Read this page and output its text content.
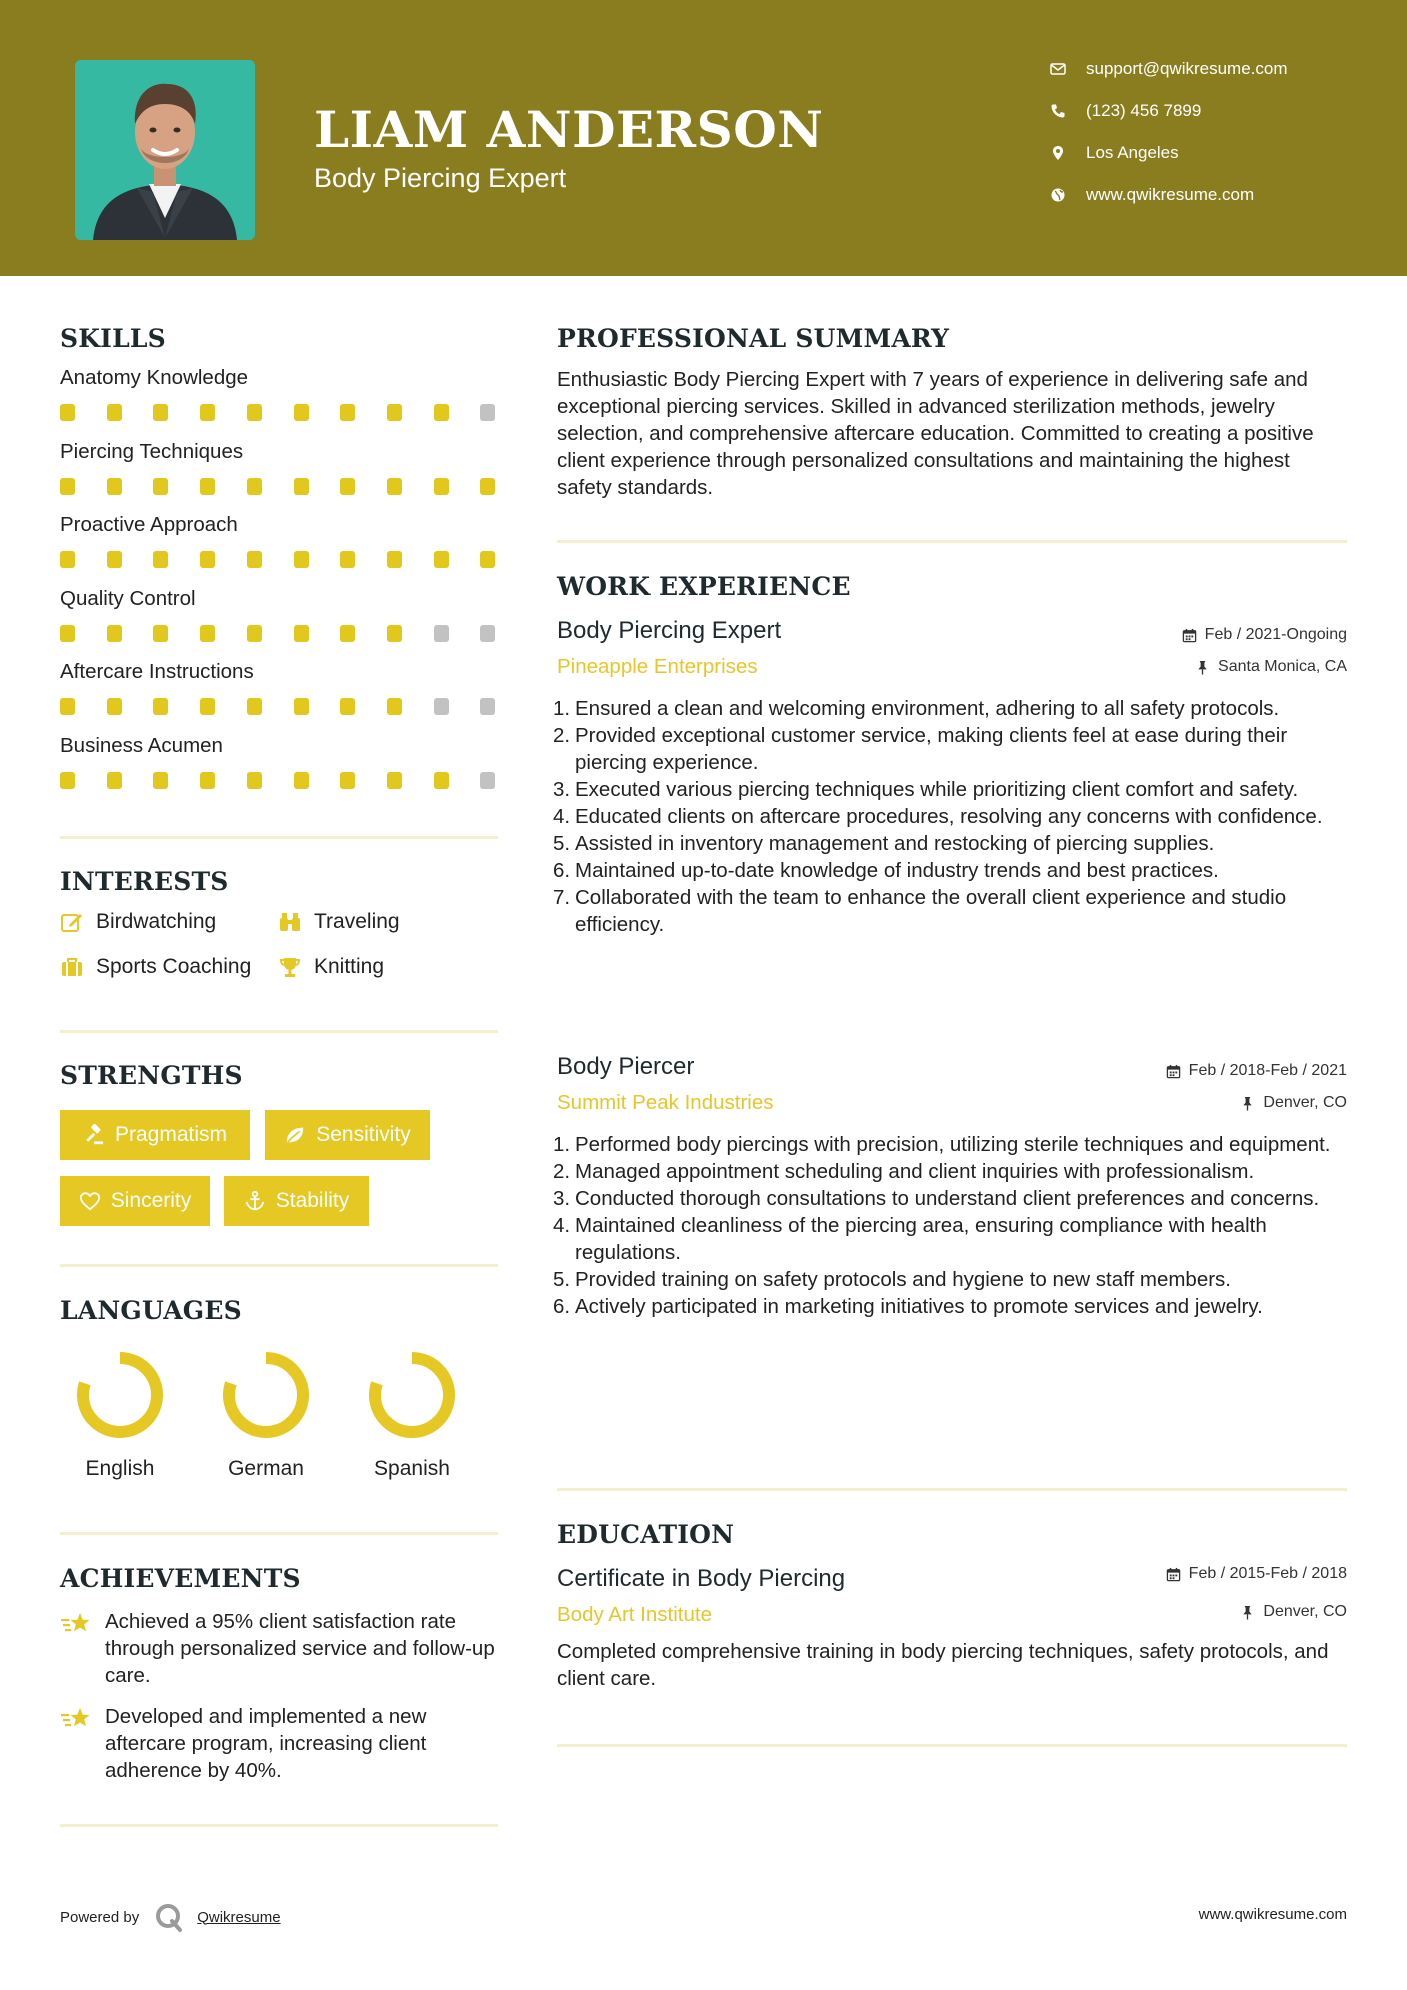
LIAM ANDERSON
Body Piercing Expert
support@qwikresume.com
(123) 456 7899
Los Angeles
www.qwikresume.com
SKILLS
Anatomy Knowledge
Piercing Techniques
Proactive Approach
Quality Control
Aftercare Instructions
Business Acumen
INTERESTS
Birdwatching	Traveling
Sports Coaching	Knitting
STRENGTHS
Pragmatism	Sensitivity
Sincerity	Stability
LANGUAGES
English	German	Spanish
ACHIEVEMENTS
Achieved a 95% client satisfaction rate through personalized service and follow-up care.
Developed and implemented a new aftercare program, increasing client adherence by 40%.
PROFESSIONAL SUMMARY
Enthusiastic Body Piercing Expert with 7 years of experience in delivering safe and exceptional piercing services. Skilled in advanced sterilization methods, jewelry selection, and comprehensive aftercare education. Committed to creating a positive client experience through personalized consultations and maintaining the highest safety standards.
WORK EXPERIENCE
Body Piercing Expert	Feb / 2021-Ongoing
Pineapple Enterprises	Santa Monica, CA
1. Ensured a clean and welcoming environment, adhering to all safety protocols.
2. Provided exceptional customer service, making clients feel at ease during their piercing experience.
3. Executed various piercing techniques while prioritizing client comfort and safety.
4. Educated clients on aftercare procedures, resolving any concerns with confidence.
5. Assisted in inventory management and restocking of piercing supplies.
6. Maintained up-to-date knowledge of industry trends and best practices.
7. Collaborated with the team to enhance the overall client experience and studio efficiency.
Body Piercer	Feb / 2018-Feb / 2021
Summit Peak Industries	Denver, CO
1. Performed body piercings with precision, utilizing sterile techniques and equipment.
2. Managed appointment scheduling and client inquiries with professionalism.
3. Conducted thorough consultations to understand client preferences and concerns.
4. Maintained cleanliness of the piercing area, ensuring compliance with health regulations.
5. Provided training on safety protocols and hygiene to new staff members.
6. Actively participated in marketing initiatives to promote services and jewelry.
EDUCATION
Certificate in Body Piercing	Feb / 2015-Feb / 2018
Body Art Institute	Denver, CO
Completed comprehensive training in body piercing techniques, safety protocols, and client care.
Powered by	Qwikresume	www.qwikresume.com
